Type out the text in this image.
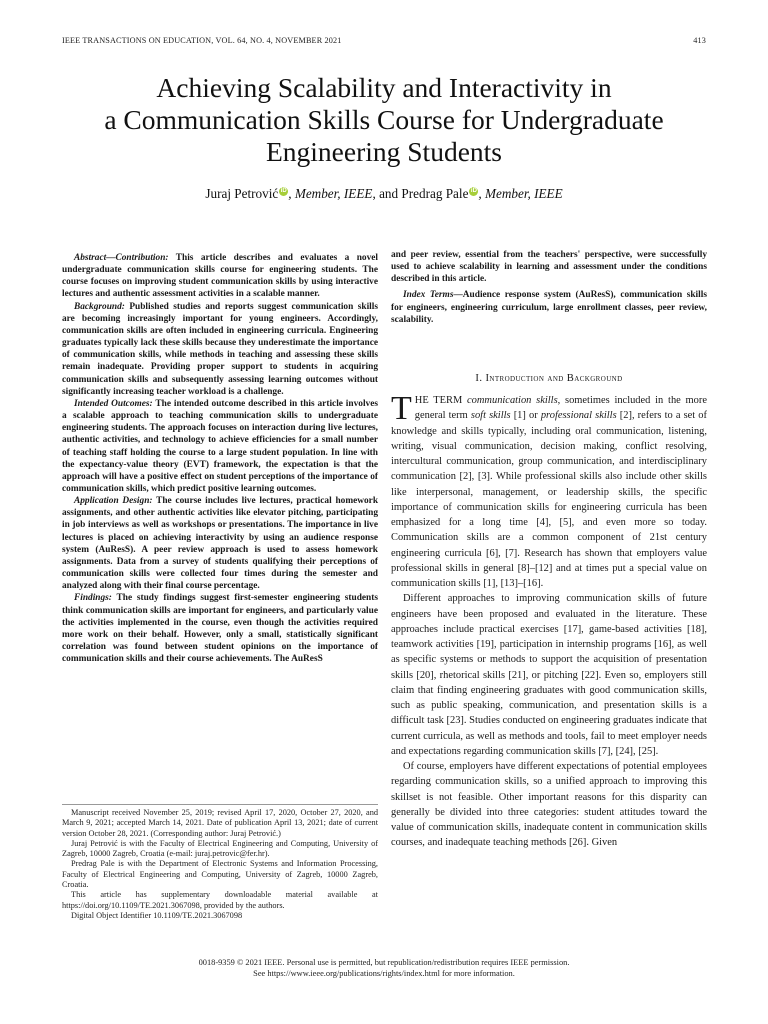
IEEE TRANSACTIONS ON EDUCATION, VOL. 64, NO. 4, NOVEMBER 2021	413
Achieving Scalability and Interactivity in
a Communication Skills Course for Undergraduate
Engineering Students
Juraj Petrović iD , Member, IEEE, and Predrag Pale iD , Member, IEEE

Abstract—Contribution: This article describes and evaluates a novel undergraduate communication skills course for engineering students. The course focuses on improving student communication skills by using interactive lectures and authentic assessment activities in a scalable manner.

Background: Published studies and reports suggest communication skills are becoming increasingly important for young engineers. Accordingly, communication skills are often included in engineering curricula. Engineering graduates typically lack these skills because they underestimate the importance of communication skills, while methods in teaching and assessing these skills remain inadequate. Providing proper support to students in acquiring communication skills and subsequently assessing learning outcomes without significantly increasing teacher workload is a challenge.

Intended Outcomes: The intended outcome described in this article involves a scalable approach to teaching communication skills to undergraduate engineering students. The approach focuses on interaction during live lectures, authentic activities, and technology to achieve efficiencies for a small number of teaching staff holding the course to a large student population. In line with the expectancy-value theory (EVT) framework, the expectation is that the approach will have a positive effect on student perceptions of the importance of communication skills, which predict positive learning outcomes.

Application Design: The course includes live lectures, practical homework assignments, and other authentic activities like elevator pitching, participating in job interviews as well as workshops or presentations. The importance in live lectures is placed on achieving interactivity by using an audience response system (AuResS). A peer review approach is used to assess homework assignments. Data from a survey of students qualifying their perceptions of communication skills were collected four times during the semester and analyzed along with their final course percentage.

Findings: The study findings suggest first-semester engineering students think communication skills are important for engineers, and particularly value the activities implemented in the course, even though the activities required more work on their behalf. However, only a small, statistically significant correlation was found between student opinions on the importance of communication skills and their course achievements. The AuResS

Manuscript received November 25, 2019; revised April 17, 2020, October 27, 2020, and March 9, 2021; accepted March 14, 2021. Date of publication April 13, 2021; date of current version October 28, 2021. (Corresponding author: Juraj Petrović.)

Juraj Petrović is with the Faculty of Electrical Engineering and Computing, University of Zagreb, 10000 Zagreb, Croatia (e-mail: juraj.petrovic@fer.hr).

Predrag Pale is with the Department of Electronic Systems and Information Processing, Faculty of Electrical Engineering and Computing, University of Zagreb, 10000 Zagreb, Croatia.

This article has supplementary downloadable material available at https://doi.org/10.1109/TE.2021.3067098, provided by the authors.

Digital Object Identifier 10.1109/TE.2021.3067098

and peer review, essential from the teachers' perspective, were successfully used to achieve scalability in learning and assessment under the conditions described in this article.

Index Terms—Audience response system (AuResS), communication skills for engineers, engineering curriculum, large enrollment classes, peer review, scalability.

I. Introduction and Background

THE TERM communication skills, sometimes included in the more general term soft skills [1] or professional skills [2], refers to a set of knowledge and skills typically, including oral communication, listening, writing, visual communication, decision making, conflict resolving, intercultural communication, group communication, and interdisciplinary communication [2], [3]. While professional skills also include other skills like interpersonal, management, or leadership skills, the specific importance of communication skills for engineering curricula has been emphasized for a long time [4], [5], and even more so today. Communication skills are a common component of 21st century engineering curricula [6], [7]. Research has shown that employers value professional skills in general [8]–[12] and at times put a special value on communication skills [1], [13]–[16].

Different approaches to improving communication skills of future engineers have been proposed and evaluated in the literature. These approaches include practical exercises [17], game-based activities [18], teamwork activities [19], participation in internship programs [16], as well as specific systems or methods to support the acquisition of presentation skills [20], rhetorical skills [21], or pitching [22]. Even so, employers still claim that finding engineering graduates with good communication skills, such as public speaking, communication, and presentation skills is a difficult task [23]. Studies conducted on engineering graduates indicate that current curricula, as well as methods and tools, fail to meet employer needs and expectations regarding communication skills [7], [24], [25].

Of course, employers have different expectations of potential employees regarding communication skills, so a unified approach to improving this skillset is not feasible. Other important reasons for this disparity can generally be divided into three categories: student attitudes toward the value of communication skills, inadequate content in communication skills courses, and inadequate teaching methods [26]. Given

0018-9359 © 2021 IEEE. Personal use is permitted, but republication/redistribution requires IEEE permission.
See https://www.ieee.org/publications/rights/index.html for more information.
